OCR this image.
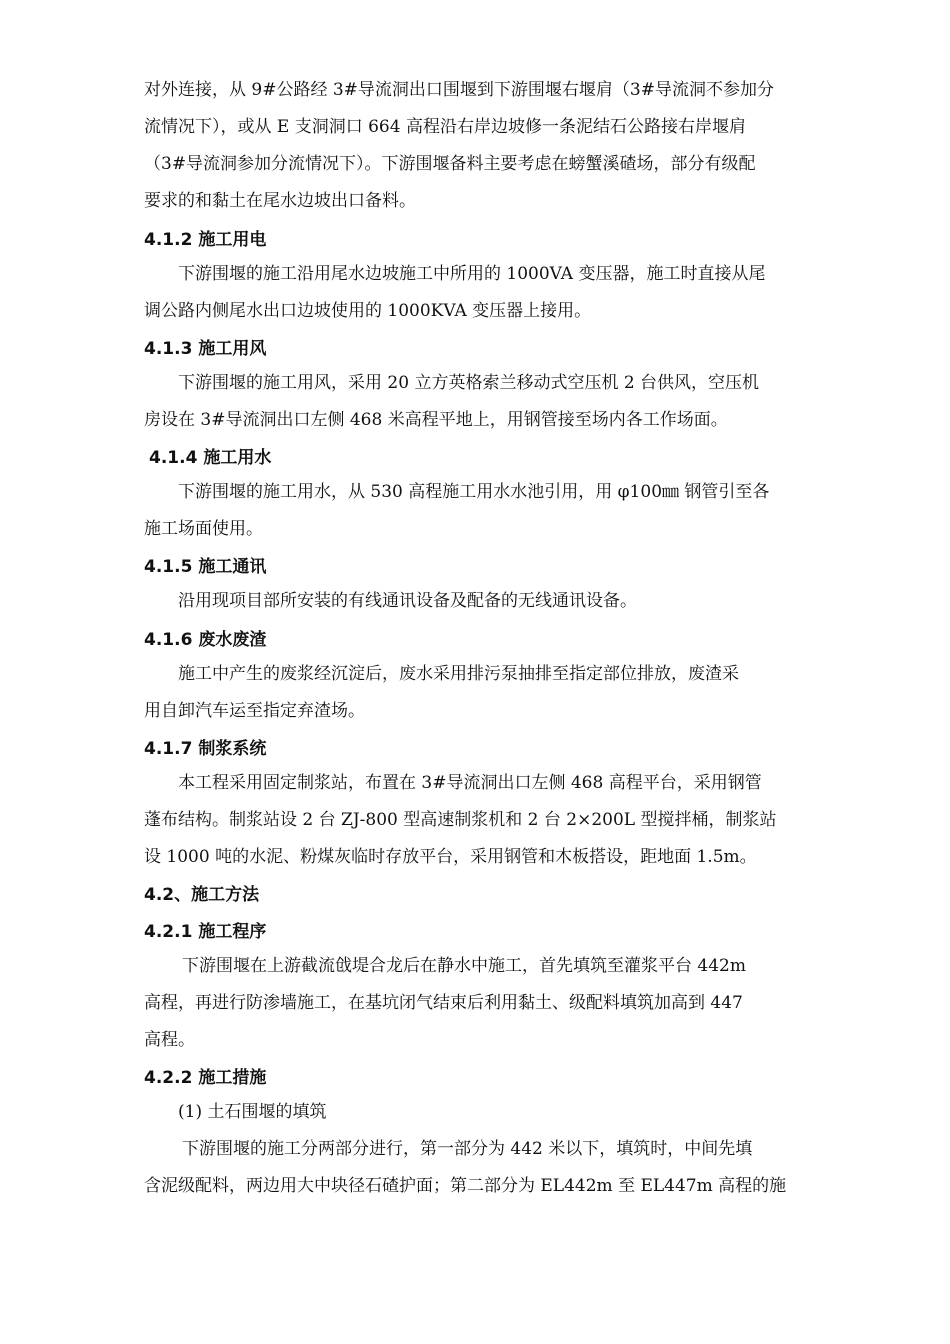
对外连接，从 9#公路经 3#导流洞出口围堰到下游围堰右堰肩（3#导流洞不参加分
流情况下），或从 E 支洞洞口 664 高程沿右岸边坡修一条泥结石公路接右岸堰肩
（3#导流洞参加分流情况下）。下游围堰备料主要考虑在螃蟹溪碴场，部分有级配
要求的和黏土在尾水边坡出口备料。
4.1.2 施工用电
下游围堰的施工沿用尾水边坡施工中所用的 1000VA 变压器，施工时直接从尾
调公路内侧尾水出口边坡使用的 1000KVA 变压器上接用。
4.1.3 施工用风
下游围堰的施工用风，采用 20 立方英格索兰移动式空压机 2 台供风，空压机
房设在 3#导流洞出口左侧 468 米高程平地上，用钢管接至场内各工作场面。
4.1.4 施工用水
下游围堰的施工用水，从 530 高程施工用水水池引用，用 φ100㎜ 钢管引至各
施工场面使用。
4.1.5 施工通讯
沿用现项目部所安装的有线通讯设备及配备的无线通讯设备。
4.1.6 废水废渣
施工中产生的废浆经沉淀后，废水采用排污泵抽排至指定部位排放，废渣采
用自卸汽车运至指定弃渣场。
4.1.7 制浆系统
本工程采用固定制浆站，布置在 3#导流洞出口左侧 468 高程平台，采用钢管
蓬布结构。制浆站设 2 台 ZJ-800 型高速制浆机和 2 台 2×200L 型搅拌桶，制浆站
设 1000 吨的水泥、粉煤灰临时存放平台，采用钢管和木板搭设，距地面 1.5m。
4.2、施工方法
4.2.1 施工程序
下游围堰在上游截流戗堤合龙后在静水中施工，首先填筑至灌浆平台 442m
高程，再进行防渗墙施工，在基坑闭气结束后利用黏土、级配料填筑加高到 447
高程。
4.2.2 施工措施
(1) 土石围堰的填筑
下游围堰的施工分两部分进行，第一部分为 442 米以下，填筑时，中间先填
含泥级配料，两边用大中块径石碴护面；第二部分为 EL442m 至 EL447m 高程的施
